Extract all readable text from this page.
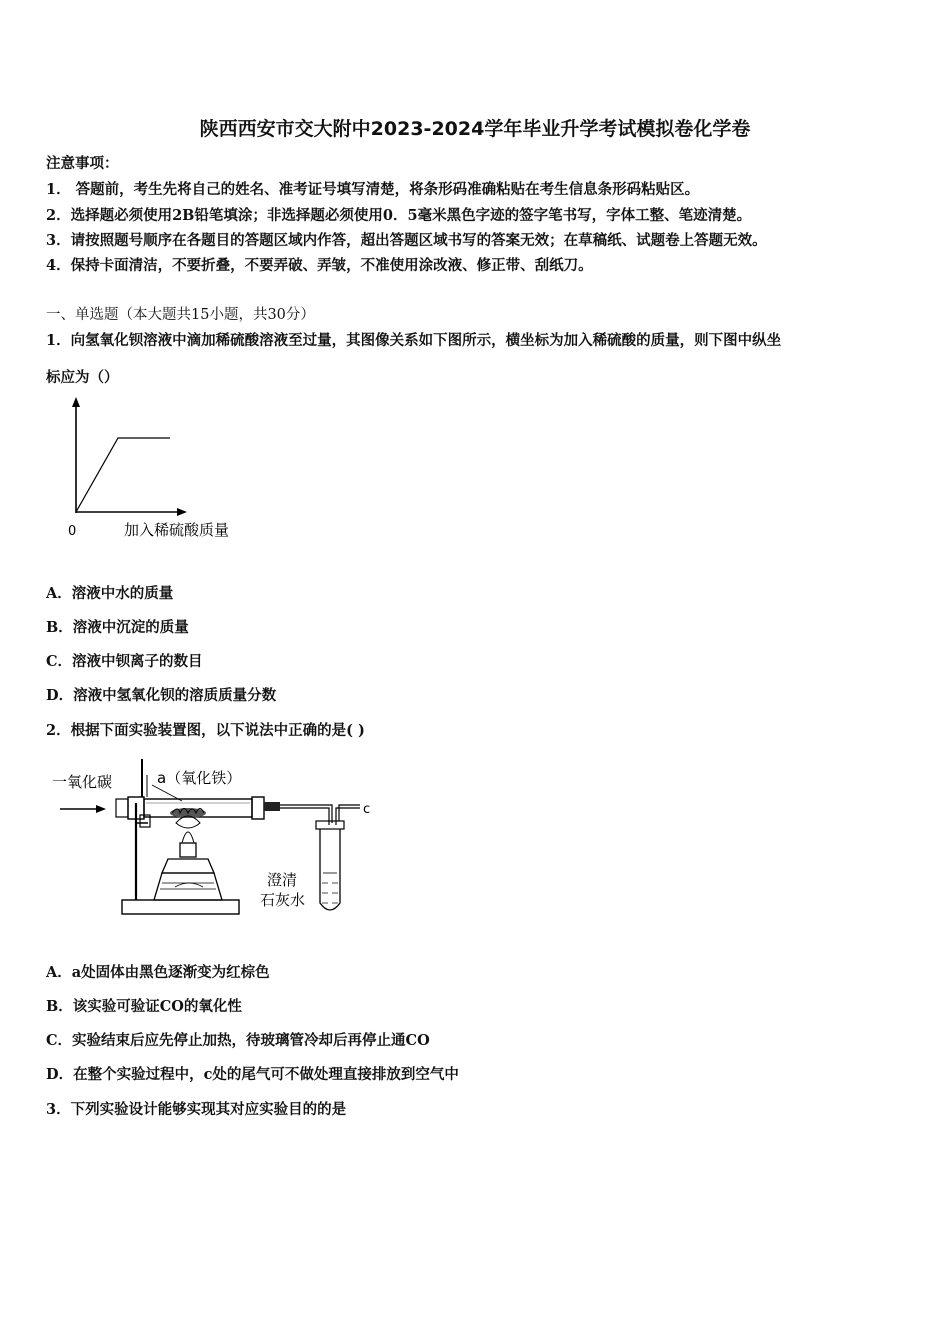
陕西西安市交大附中2023-2024学年毕业升学考试模拟卷化学卷
注意事项：
1． 答题前，考生先将自己的姓名、准考证号填写清楚，将条形码准确粘贴在考生信息条形码粘贴区。
2．选择题必须使用2B铅笔填涂；非选择题必须使用0．5毫米黑色字迹的签字笔书写，字体工整、笔迹清楚。
3．请按照题号顺序在各题目的答题区域内作答，超出答题区域书写的答案无效；在草稿纸、试题卷上答题无效。
4．保持卡面清洁，不要折叠，不要弄破、弄皱，不准使用涂改液、修正带、刮纸刀。
一、单选题（本大题共15小题，共30分）
1．向氢氧化钡溶液中滴加稀硫酸溶液至过量，其图像关系如下图所示，横坐标为加入稀硫酸的质量，则下图中纵坐
标应为（）
0	加入稀硫酸质量
A．溶液中水的质量
B．溶液中沉淀的质量
C．溶液中钡离子的数目
D．溶液中氢氧化钡的溶质质量分数
2．根据下面实验装置图，以下说法中正确的是( )
一氧化碳	a（氧化铁）
c
澄清
石灰水
A．a处固体由黑色逐渐变为红棕色
B．该实验可验证CO的氧化性
C．实验结束后应先停止加热，待玻璃管冷却后再停止通CO
D．在整个实验过程中，c处的尾气可不做处理直接排放到空气中
3．下列实验设计能够实现其对应实验目的的是
